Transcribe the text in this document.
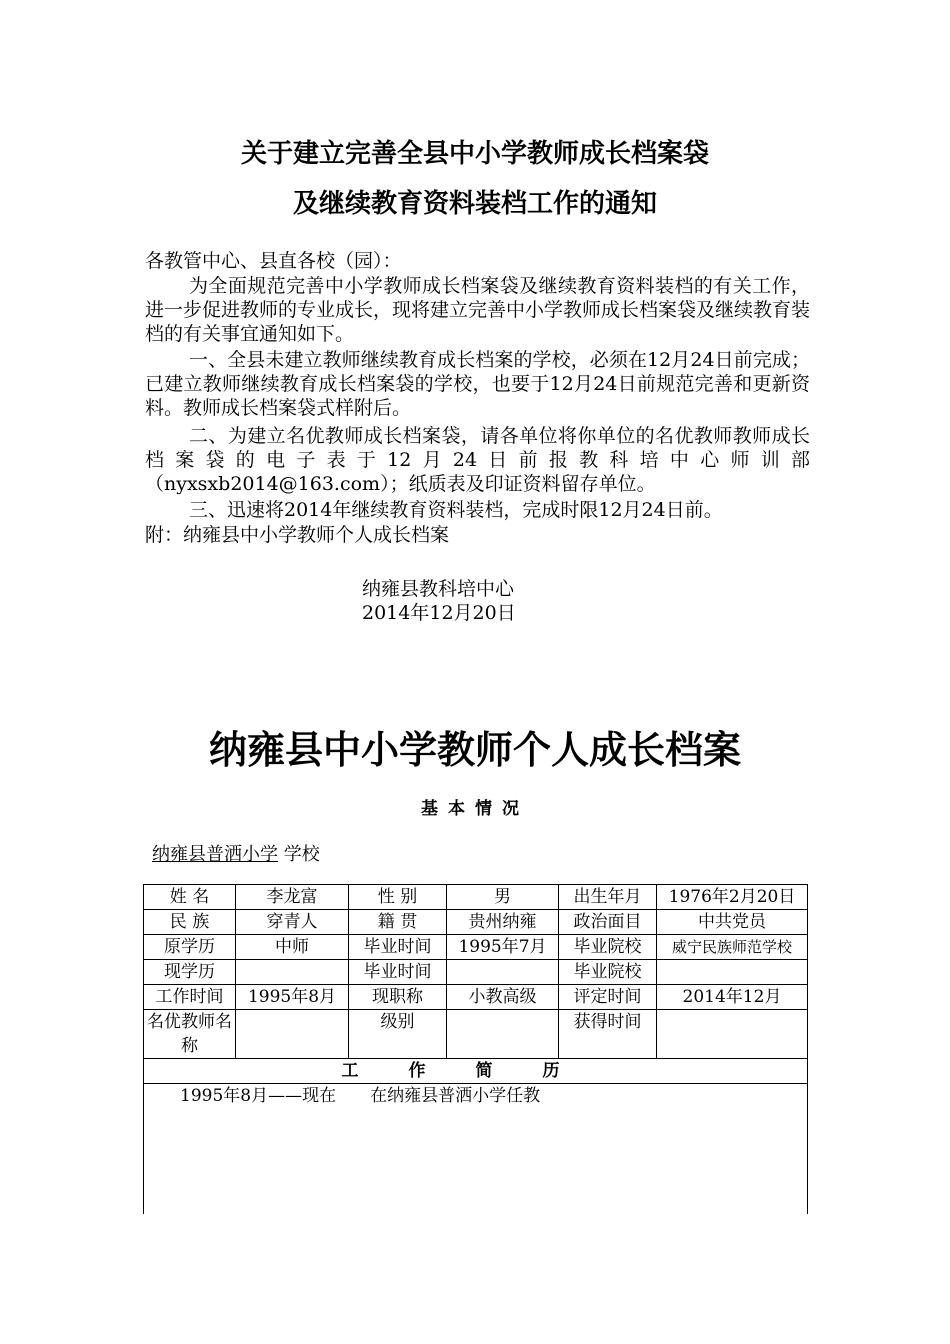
关于建立完善全县中小学教师成长档案袋
及继续教育资料装档工作的通知
各教管中心、县直各校（园）：
为全面规范完善中小学教师成长档案袋及继续教育资料装档的有关工作，进一步促进教师的专业成长，现将建立完善中小学教师成长档案袋及继续教育装档的有关事宜通知如下。
一、全县未建立教师继续教育成长档案的学校，必须在12月24日前完成；已建立教师继续教育成长档案袋的学校，也要于12月24日前规范完善和更新资料。教师成长档案袋式样附后。
二、为建立名优教师成长档案袋，请各单位将你单位的名优教师教师成长档案袋的电子表于12月24日前报教科培中心师训部（nyxsxb2014@163.com）；纸质表及印证资料留存单位。
三、迅速将2014年继续教育资料装档，完成时限12月24日前。
附：纳雍县中小学教师个人成长档案
纳雍县教科培中心
2014年12月20日
纳雍县中小学教师个人成长档案
基本情况
纳雍县普洒小学 学校
姓 名	李龙富	性 别	男	出生年月	1976年2月20日
民 族	穿青人	籍 贯	贵州纳雍	政治面目	中共党员
原学历	中师	毕业时间	1995年7月	毕业院校	威宁民族师范学校
现学历		毕业时间		毕业院校	
工作时间	1995年8月	现职称	小教高级	评定时间	2014年12月
名优教师名称		级别		获得时间	
工作简历					
1995年8月——现在　　在纳雍县普洒小学任教					
